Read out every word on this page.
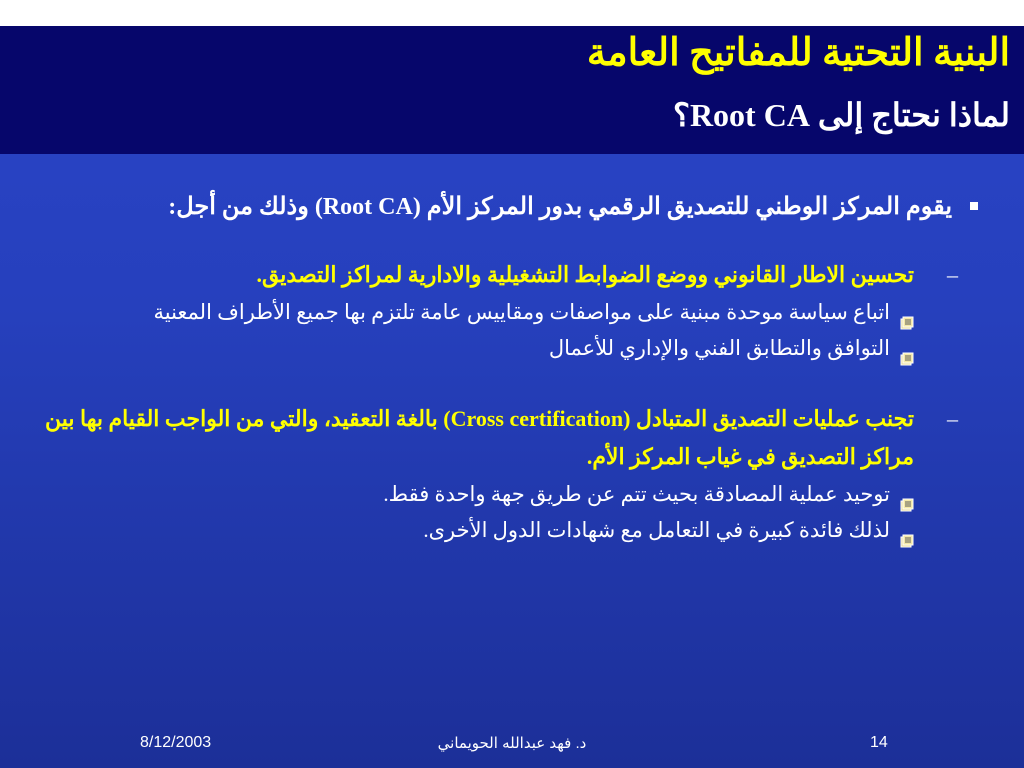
البنية التحتية للمفاتيح العامة
لماذا نحتاج إلى Root CA؟
يقوم المركز الوطني للتصديق الرقمي بدور المركز الأم (Root CA) وذلك من أجل:
–
تحسين الاطار القانوني ووضع الضوابط التشغيلية والادارية لمراكز التصديق.
اتباع سياسة موحدة مبنية على مواصفات ومقاييس عامة تلتزم بها جميع الأطراف المعنية
التوافق والتطابق الفني والإداري للأعمال
–
تجنب عمليات التصديق المتبادل (Cross certification) بالغة التعقيد، والتي من الواجب القيام بها بين مراكز التصديق في غياب المركز الأم.
توحيد عملية المصادقة بحيث تتم عن طريق جهة واحدة فقط.
لذلك فائدة كبيرة في التعامل مع شهادات الدول الأخرى.
8/12/2003	د. فهد عبدالله الحويماني	14
